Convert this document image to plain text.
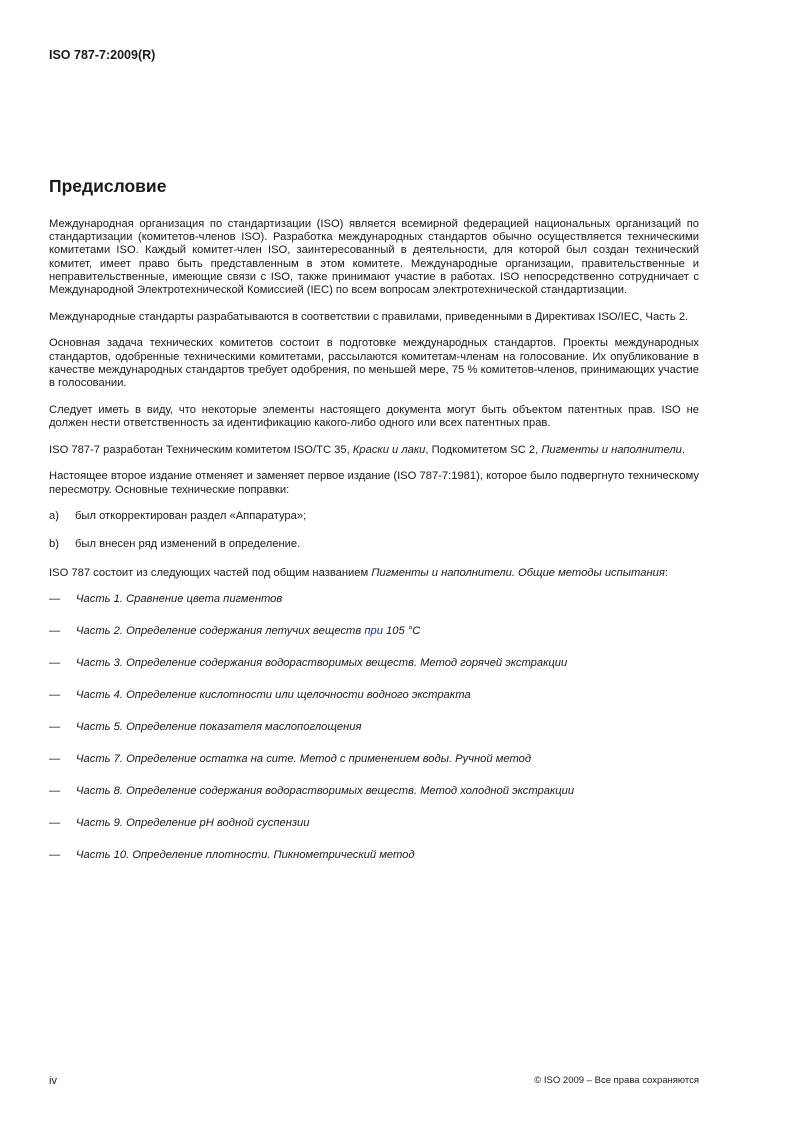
ISO 787-7:2009(R)
Предисловие

Международная организация по стандартизации (ISO) является всемирной федерацией национальных организаций по стандартизации (комитетов-членов ISO). Разработка международных стандартов обычно осуществляется техническими комитетами ISO. Каждый комитет-член ISO, заинтересованный в деятельности, для которой был создан технический комитет, имеет право быть представленным в этом комитете. Международные организации, правительственные и неправительственные, имеющие связи с ISO, также принимают участие в работах. ISO непосредственно сотрудничает с Международной Электротехнической Комиссией (IEC) по всем вопросам электротехнической стандартизации.

Международные стандарты разрабатываются в соответствии с правилами, приведенными в Директивах ISO/IEC, Часть 2.

Основная задача технических комитетов состоит в подготовке международных стандартов. Проекты международных стандартов, одобренные техническими комитетами, рассылаются комитетам-членам на голосование. Их опубликование в качестве международных стандартов требует одобрения, по меньшей мере, 75 % комитетов-членов, принимающих участие в голосовании.

Следует иметь в виду, что некоторые элементы настоящего документа могут быть объектом патентных прав. ISO не должен нести ответственность за идентификацию какого-либо одного или всех патентных прав.

ISO 787-7 разработан Техническим комитетом ISO/TC 35, Краски и лаки, Подкомитетом SC 2, Пигменты и наполнители.

Настоящее второе издание отменяет и заменяет первое издание (ISO 787-7:1981), которое было подвергнуто техническому пересмотру. Основные технические поправки:

a) был откорректирован раздел «Аппаратура»;

b) был внесен ряд изменений в определение.

ISO 787 состоит из следующих частей под общим названием Пигменты и наполнители. Общие методы испытания:

—	Часть 1. Сравнение цвета пигментов
—	Часть 2. Определение содержания летучих веществ при 105 °C
—	Часть 3. Определение содержания водорастворимых веществ. Метод горячей экстракции
—	Часть 4. Определение кислотности или щелочности водного экстракта
—	Часть 5. Определение показателя маслопоглощения
—	Часть 7. Определение остатка на сите. Метод с применением воды. Ручной метод
—	Часть 8. Определение содержания водорастворимых веществ. Метод холодной экстракции
—	Часть 9. Определение pH водной суспензии
—	Часть 10. Определение плотности. Пикнометрический метод
iv	© ISO 2009 – Все права сохраняются
